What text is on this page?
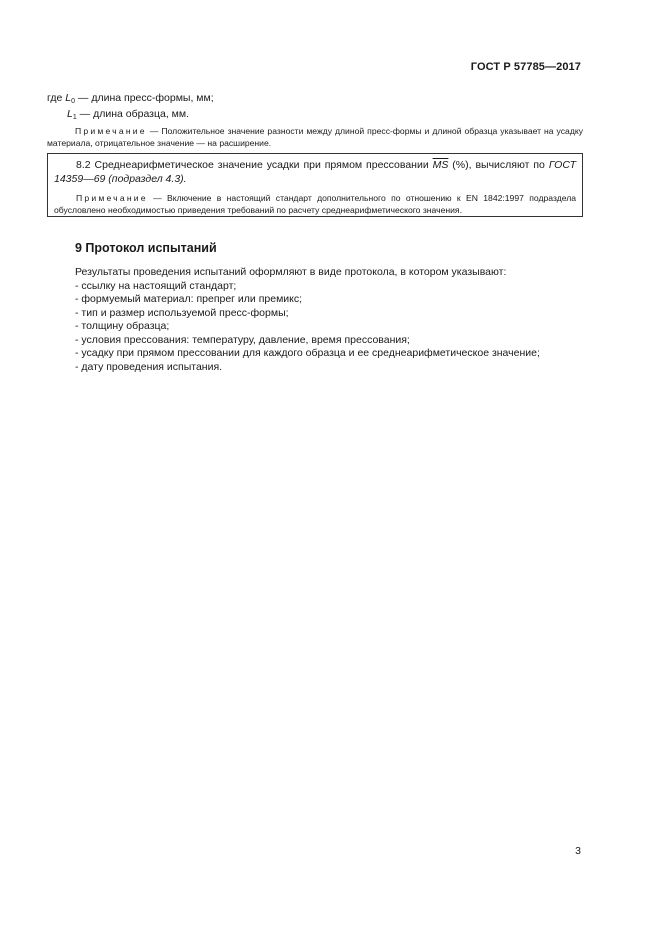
ГОСТ Р 57785—2017
где $L_0$ — длина пресс-формы, мм;
$L_1$ — длина образца, мм.
Примечание — Положительное значение разности между длиной пресс-формы и длиной образца указывает на усадку материала, отрицательное значение — на расширение.
8.2 Среднеарифметическое значение усадки при прямом прессовании $\overline{MS}$ (%), вычисляют по ГОСТ 14359—69 (подраздел 4.3).
Примечание — Включение в настоящий стандарт дополнительного по отношению к EN 1842:1997 подраздела обусловлено необходимостью приведения требований по расчету среднеарифметического значения.
9 Протокол испытаний

Результаты проведения испытаний оформляют в виде протокола, в котором указывают:

- ссылку на настоящий стандарт;
- формуемый материал: препрег или премикс;
- тип и размер используемой пресс-формы;
- толщину образца;
- условия прессования: температуру, давление, время прессования;
- усадку при прямом прессовании для каждого образца и ее среднеарифметическое значение;
- дату проведения испытания.
3
